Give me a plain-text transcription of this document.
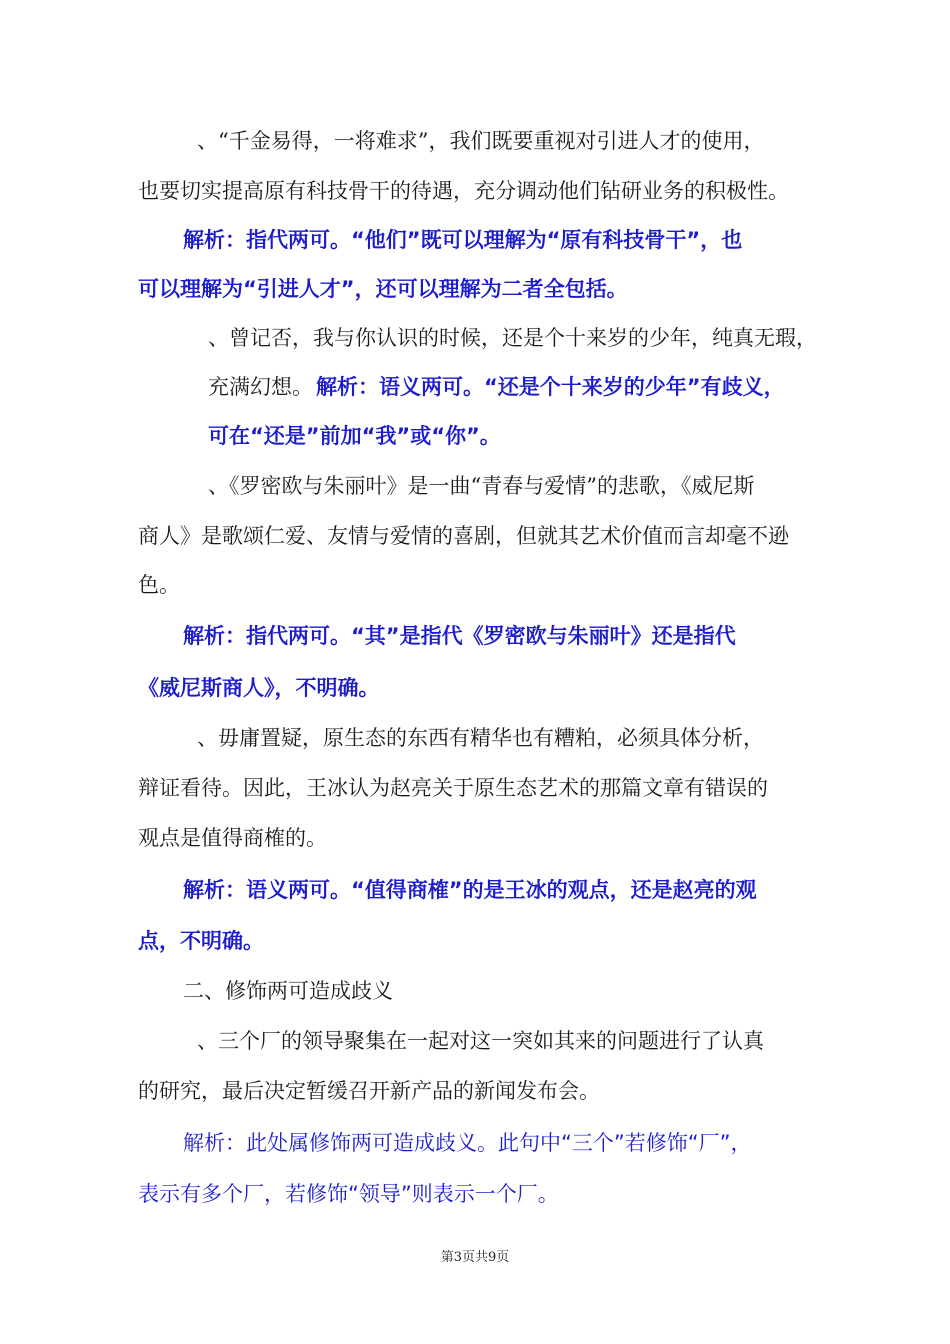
、“千金易得，一将难求”，我们既要重视对引进人才的使用，
也要切实提高原有科技骨干的待遇，充分调动他们钻研业务的积极性。
解析：指代两可。“他们”既可以理解为“原有科技骨干”，也
可以理解为“引进人才”，还可以理解为二者全包括。
、曾记否，我与你认识的时候，还是个十来岁的少年，纯真无瑕，
充满幻想。 解析：语义两可。“还是个十来岁的少年”有歧义，
可在“还是”前加“我”或“你”。
、《罗密欧与朱丽叶》是一曲“青春与爱情”的悲歌，《威尼斯
商人》是歌颂仁爱、友情与爱情的喜剧，但就其艺术价值而言却毫不逊
色。
解析：指代两可。“其”是指代《罗密欧与朱丽叶》还是指代
《威尼斯商人》，不明确。
、毋庸置疑，原生态的东西有精华也有糟粕，必须具体分析，
辩证看待。因此，王冰认为赵亮关于原生态艺术的那篇文章有错误的
观点是值得商榷的。
解析：语义两可。“值得商榷”的是王冰的观点，还是赵亮的观
点，不明确。
二、修饰两可造成歧义
、三个厂的领导聚集在一起对这一突如其来的问题进行了认真
的研究，最后决定暂缓召开新产品的新闻发布会。
解析：此处属修饰两可造成歧义。此句中“三个”若修饰“厂”，
表示有多个厂，若修饰“领导”则表示一个厂。
第3页共9页
